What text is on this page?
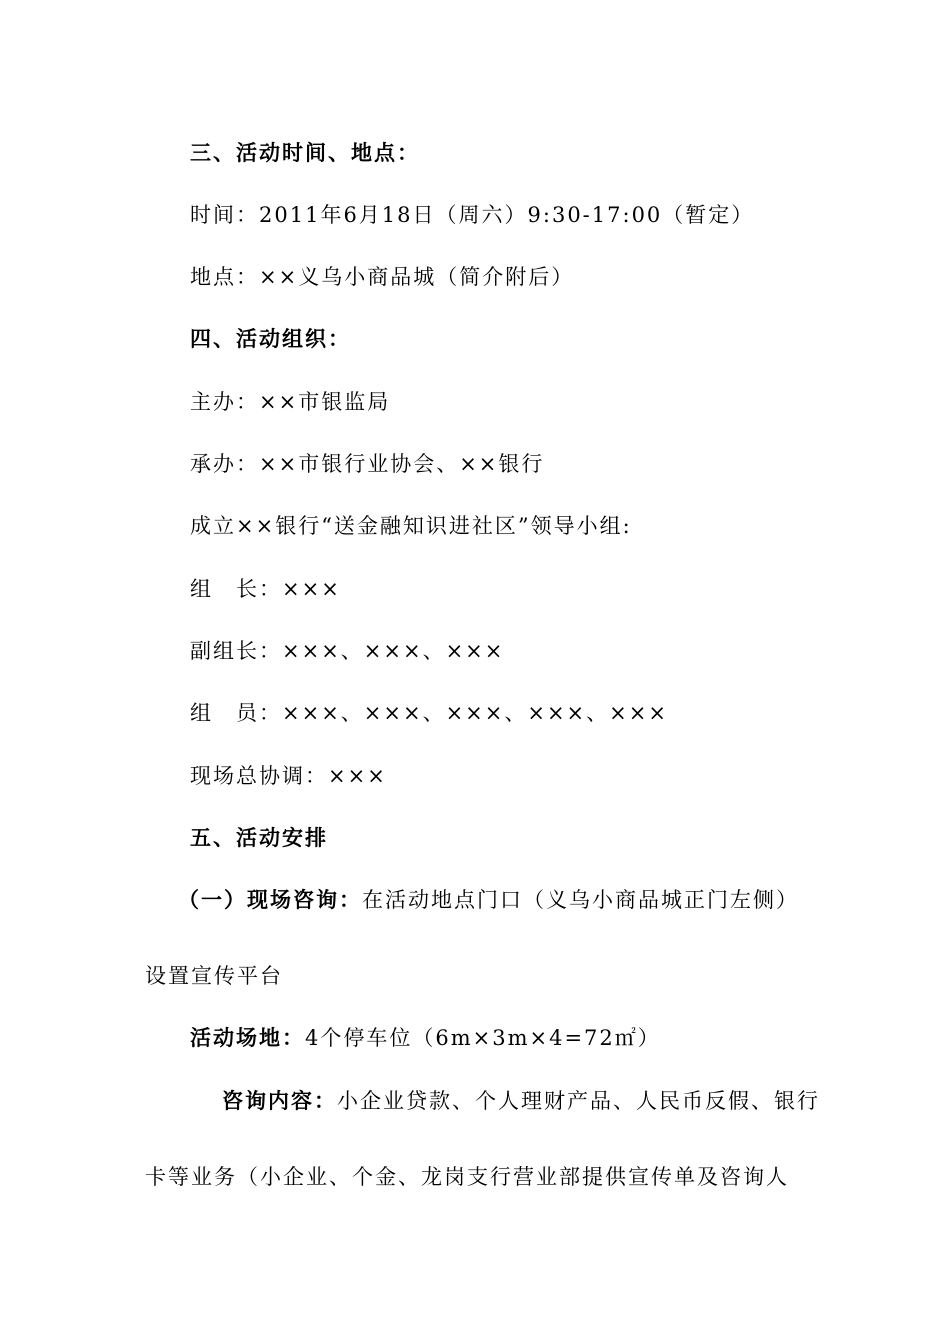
三、活动时间、地点：
时间：2011年6月18日（周六）9:30-17:00（暂定）
地点：××义乌小商品城（简介附后）
四、活动组织：
主办：××市银监局
承办：××市银行业协会、××银行
成立××银行“送金融知识进社区”领导小组:
组　长：×××
副组长：×××、×××、×××
组　员：×××、×××、×××、×××、×××
现场总协调：×××
五、活动安排
（一）现场咨询：在活动地点门口（义乌小商品城正门左侧）
设置宣传平台
活动场地：4个停车位（6m×3m×4=72㎡）
咨询内容：小企业贷款、个人理财产品、人民币反假、银行
卡等业务（小企业、个金、龙岗支行营业部提供宣传单及咨询人
